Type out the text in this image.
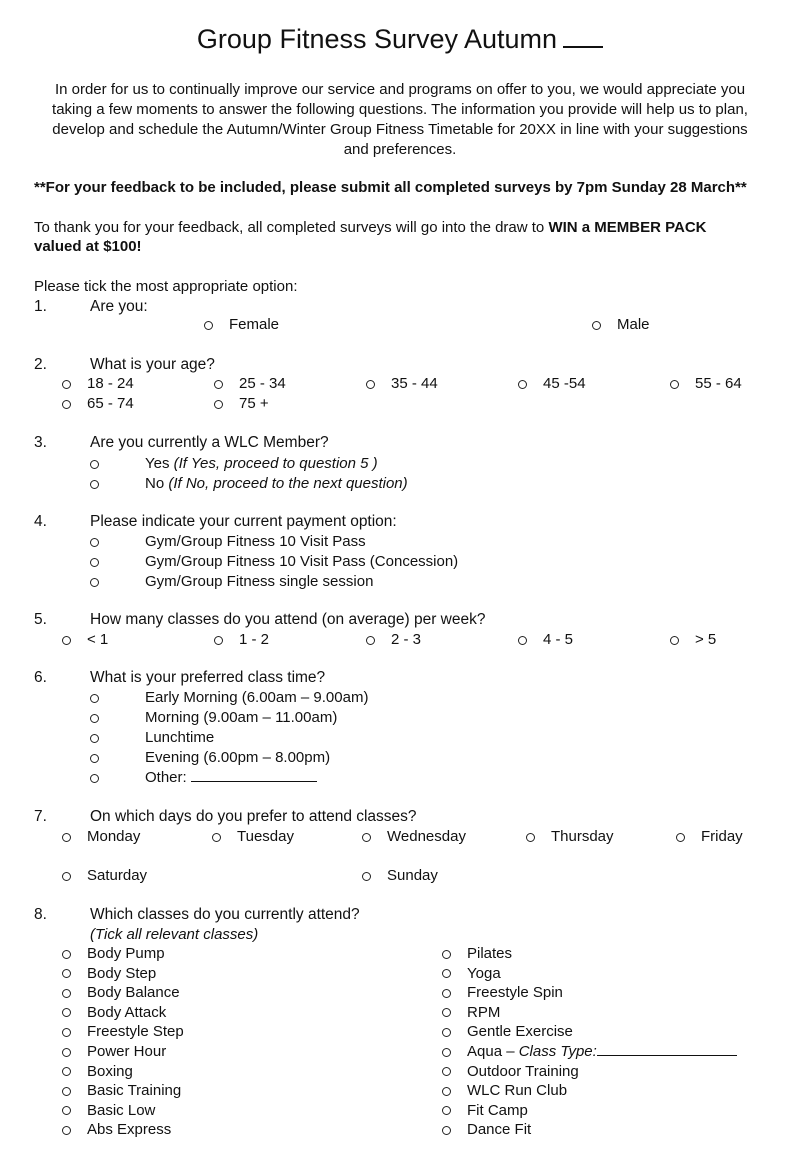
Group Fitness Survey Autumn
In order for us to continually improve our service and programs on offer to you, we would appreciate you taking a few moments to answer the following questions. The information you provide will help us to plan, develop and schedule the Autumn/Winter Group Fitness Timetable for 20XX in line with your suggestions and preferences.
**For your feedback to be included, please submit all completed surveys by 7pm Sunday 28 March**
To thank you for your feedback, all completed surveys will go into the draw to WIN a MEMBER PACK
valued at $100!
Please tick the most appropriate option:
1.	Are you:
Female	Male
2.	What is your age?
18 - 24	25 - 34	35 - 44	45 -54	55 - 64
65 - 74	75 +
3.	Are you currently a WLC Member?
Yes (If Yes, proceed to question 5 )
No (If No, proceed to the next question)
4.	Please indicate your current payment option:
Gym/Group Fitness 10 Visit Pass
Gym/Group Fitness 10 Visit Pass (Concession)
Gym/Group Fitness single session
5.	How many classes do you attend (on average) per week?
< 1	1 - 2	2 - 3	4 - 5	> 5
6.	What is your preferred class time?
Early Morning (6.00am – 9.00am)
Morning (9.00am – 11.00am)
Lunchtime
Evening (6.00pm – 8.00pm)
Other:
7.	On which days do you prefer to attend classes?
Monday	Tuesday	Wednesday	Thursday	Friday
Saturday	Sunday
8.	Which classes do you currently attend?
(Tick all relevant classes)
Body Pump
Body Step
Body Balance
Body Attack
Freestyle Step
Power Hour
Boxing
Basic Training
Basic Low
Abs Express
Pilates
Yoga
Freestyle Spin
RPM
Gentle Exercise
Aqua – Class Type:
Outdoor Training
WLC Run Club
Fit Camp
Dance Fit
